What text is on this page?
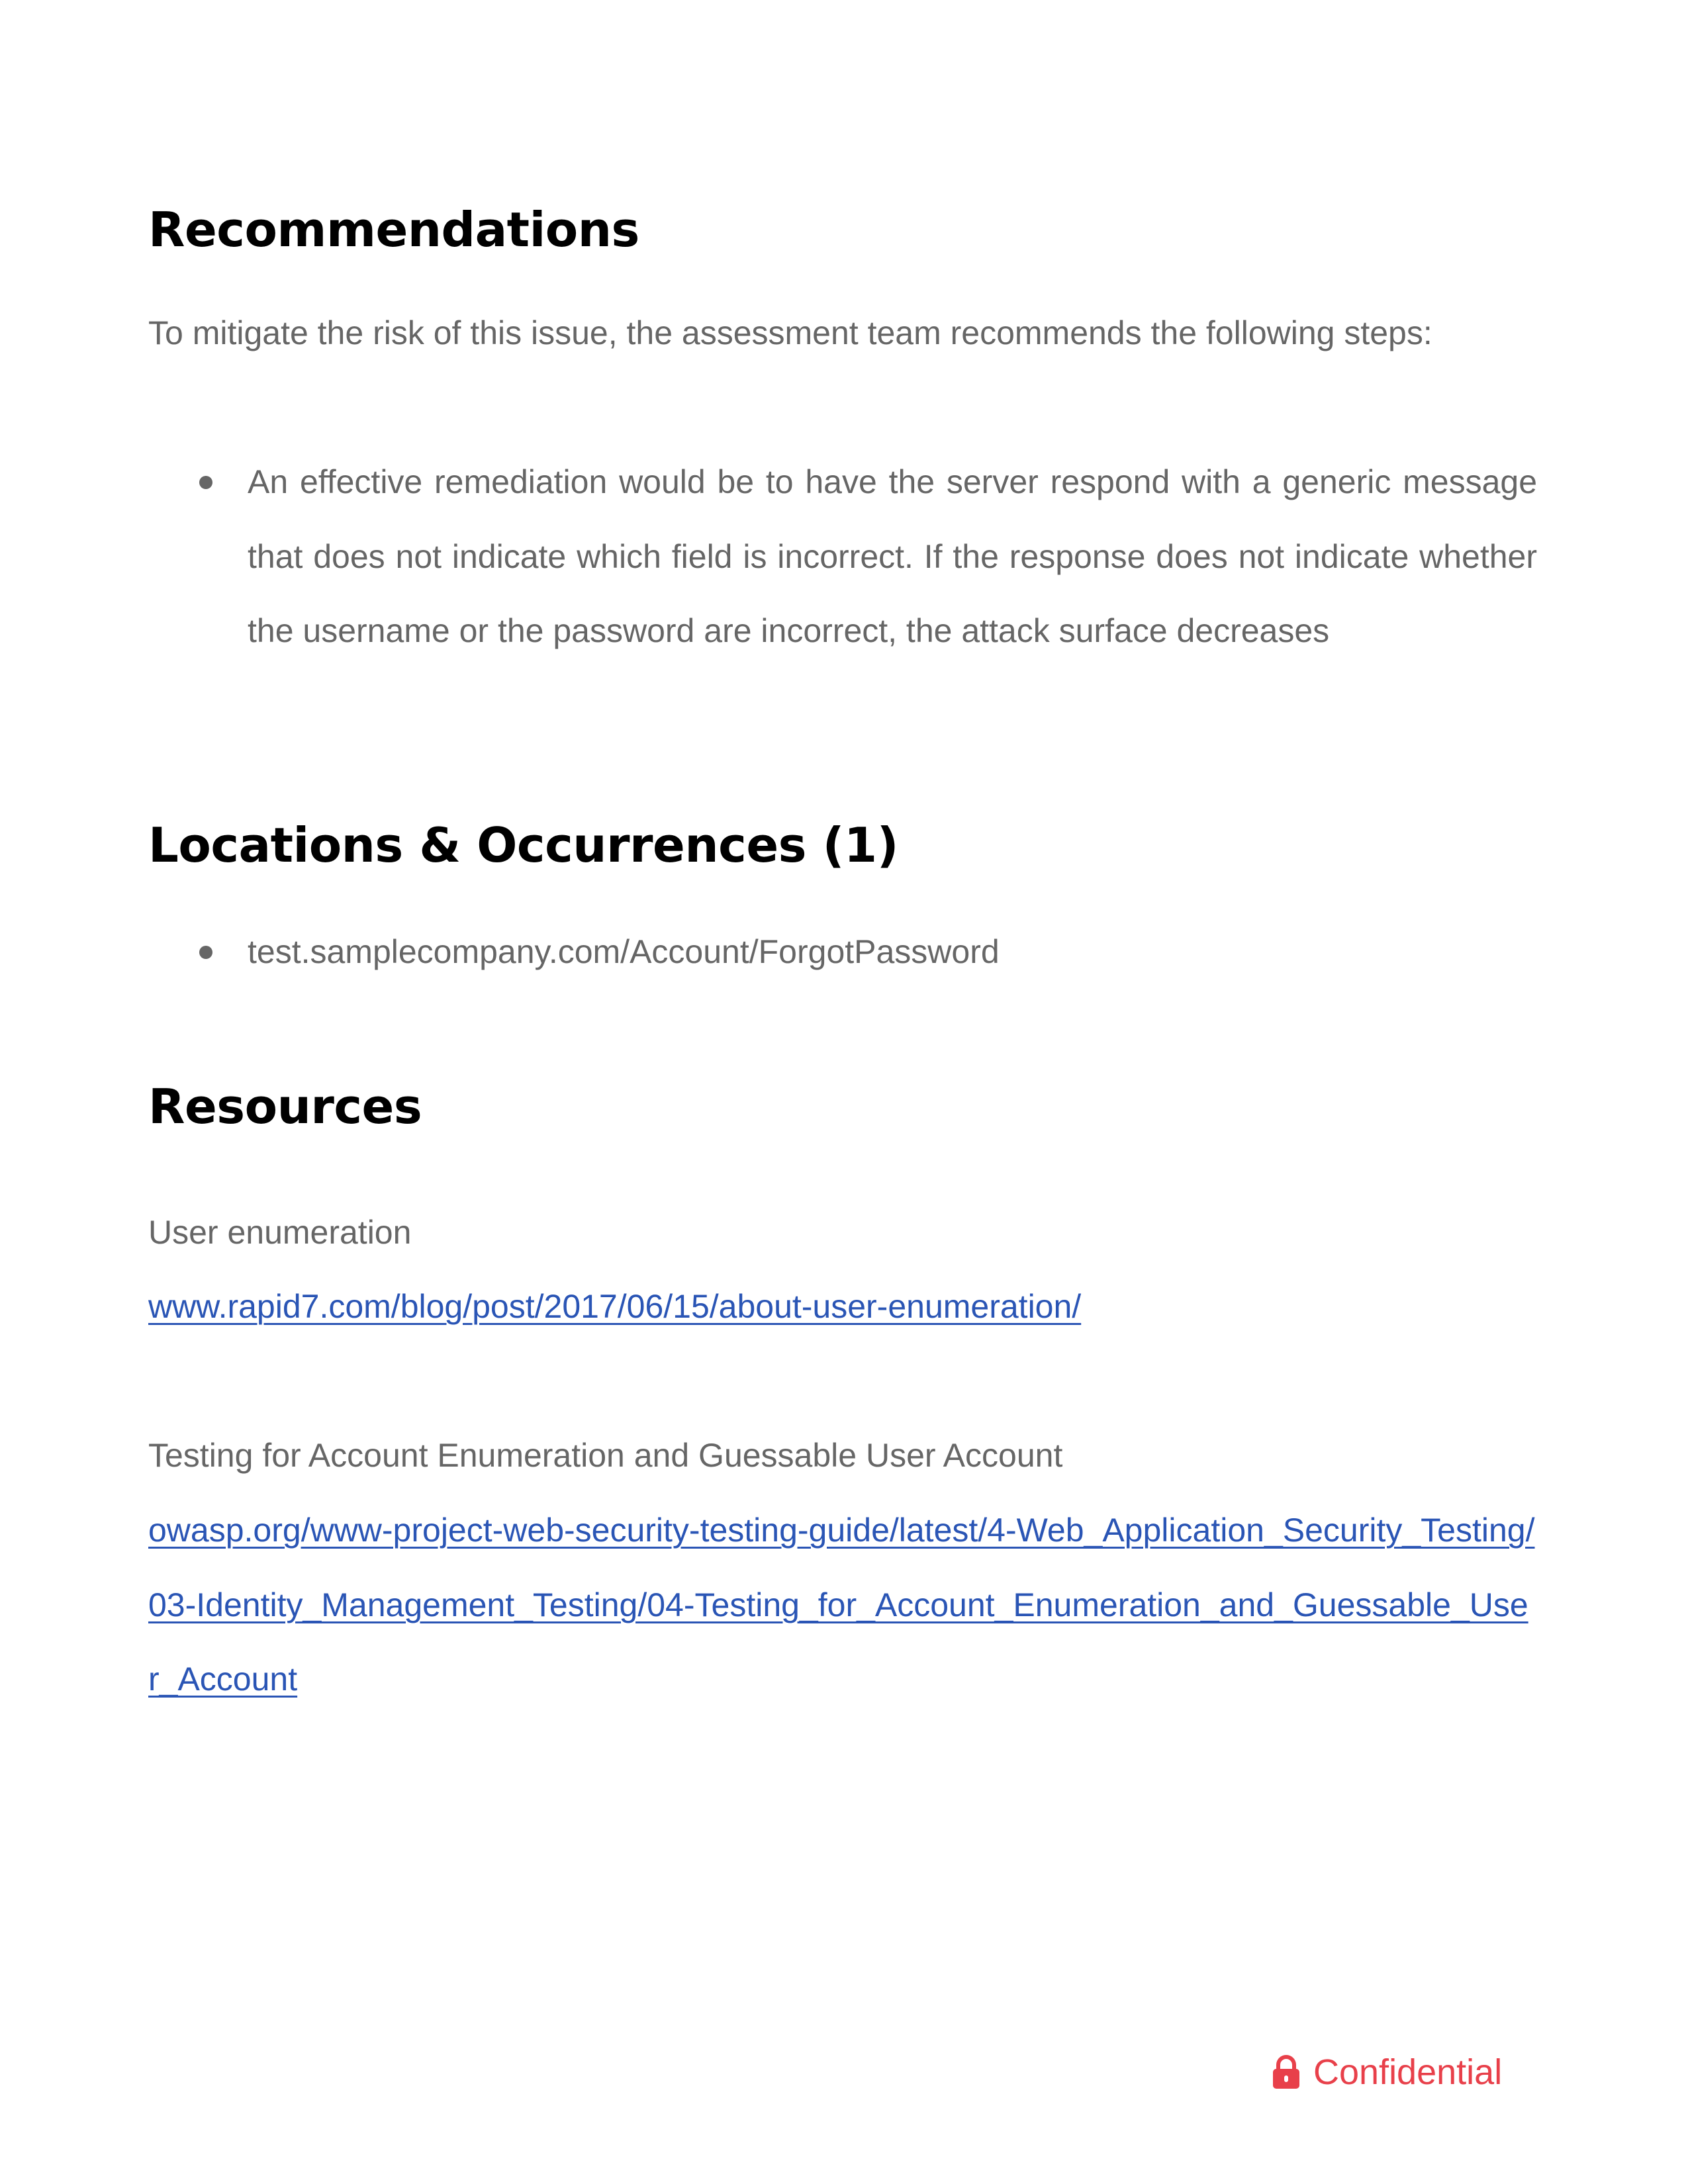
Recommendations

To mitigate the risk of this issue, the assessment team recommends the following steps:

An effective remediation would be to have the server respond with a generic message that does not indicate which field is incorrect. If the response does not indicate whether the username or the password are incorrect, the attack surface decreases
Locations & Occurrences (1)
test.samplecompany.com/Account/ForgotPassword
Resources

User enumeration

www.rapid7.com/blog/post/2017/06/15/about-user-enumeration/

Testing for Account Enumeration and Guessable User Account

owasp.org/www-project-web-security-testing-guide/latest/4-Web_Application_Security_Testing/03-Identity_Management_Testing/04-Testing_for_Account_Enumeration_and_Guessable_User_Account

Confidential
